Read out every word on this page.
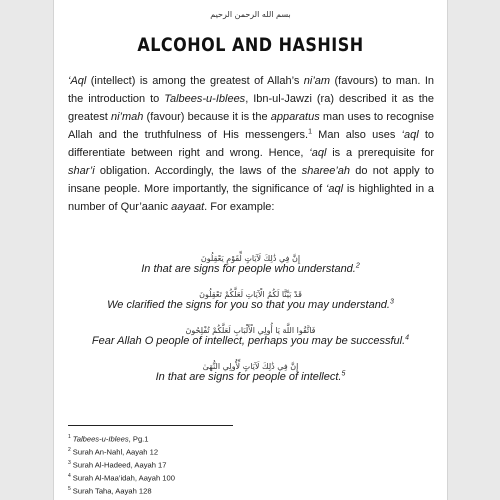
بسم الله الرحمن الرحيم
ALCOHOL AND HASHISH

‘Aql (intellect) is among the greatest of Allah’s ni’am (favours) to man. In the introduction to Talbees-u-Iblees, Ibn-ul-Jawzi (ra) described it as the greatest ni’mah (favour) because it is the apparatus man uses to recognise Allah and the truthfulness of His messengers.$^1$ Man also uses ‘aql to differentiate between right and wrong. Hence, ‘aql is a prerequisite for shar’i obligation. Accordingly, the laws of the sharee’ah do not apply to insane people. More importantly, the significance of ‘aql is highlighted in a number of Qur’aanic aayaat. For example:

إِنَّ فِي ذَٰلِكَ لَآيَاتٍ لِّقَوْمٍ يَعْقِلُونَ
In that are signs for people who understand.$^2$
قَدْ بَيَّنَّا لَكُمُ الْآيَاتِ لَعَلَّكُمْ تَعْقِلُونَ
We clarified the signs for you so that you may understand.$^3$
فَاتَّقُوا اللَّهَ يَا أُولِي الْأَلْبَابِ لَعَلَّكُمْ تُفْلِحُونَ
Fear Allah O people of intellect, perhaps you may be successful.$^4$
إِنَّ فِي ذَٰلِكَ لَآيَاتٍ لِّأُولِي النُّهَىٰ
In that are signs for people of intellect.$^5$
$^1$ Talbees-u-Iblees, Pg.1
$^2$ Surah An-Nahl, Aayah 12
$^3$ Surah Al-Hadeed, Aayah 17
$^4$ Surah Al-Maa’idah, Aayah 100
$^5$ Surah Taha, Aayah 128
